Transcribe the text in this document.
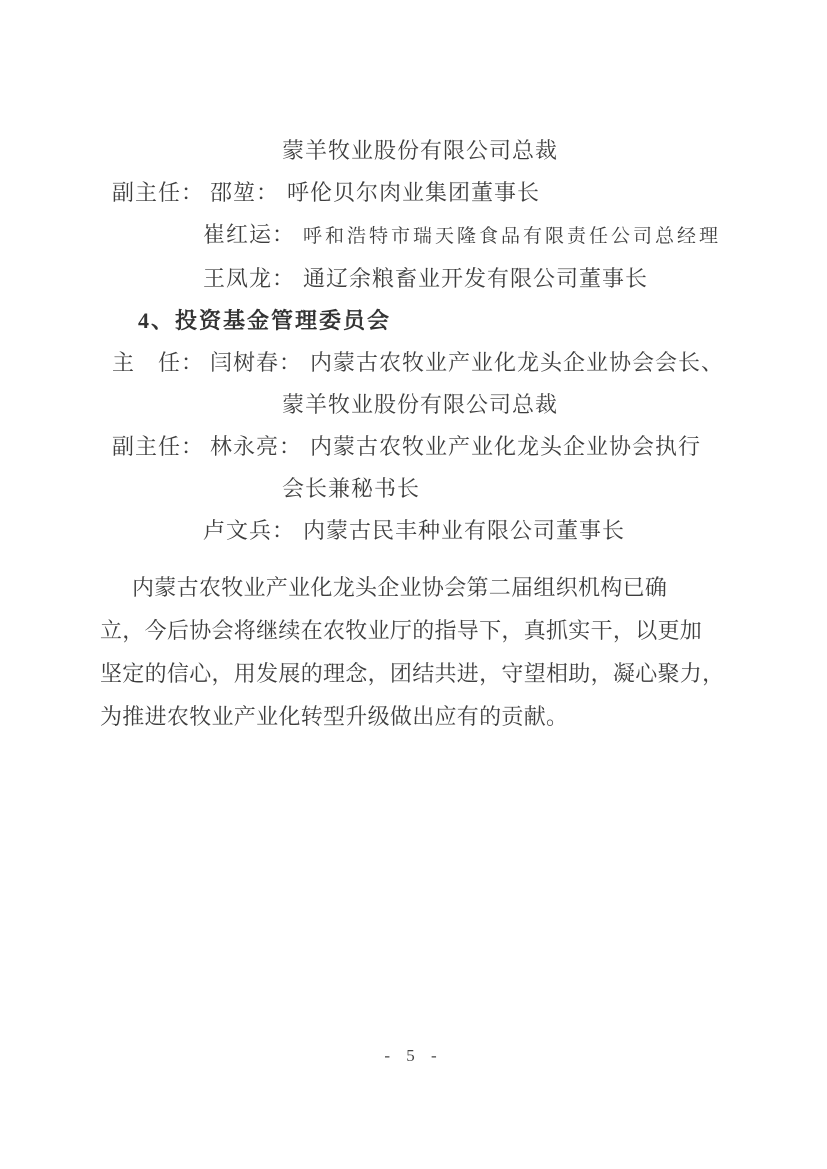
蒙羊牧业股份有限公司总裁
副主任： 邵堃： 呼伦贝尔肉业集团董事长
崔红运： 呼和浩特市瑞天隆食品有限责任公司总经理
王凤龙： 通辽余粮畜业开发有限公司董事长
4、投资基金管理委员会
主　任： 闫树春： 内蒙古农牧业产业化龙头企业协会会长、
蒙羊牧业股份有限公司总裁
副主任： 林永亮： 内蒙古农牧业产业化龙头企业协会执行
会长兼秘书长
卢文兵： 内蒙古民丰种业有限公司董事长

内蒙古农牧业产业化龙头企业协会第二届组织机构已确
立，今后协会将继续在农牧业厅的指导下，真抓实干，以更加
坚定的信心，用发展的理念，团结共进，守望相助，凝心聚力，
为推进农牧业产业化转型升级做出应有的贡献。

- 5 -
